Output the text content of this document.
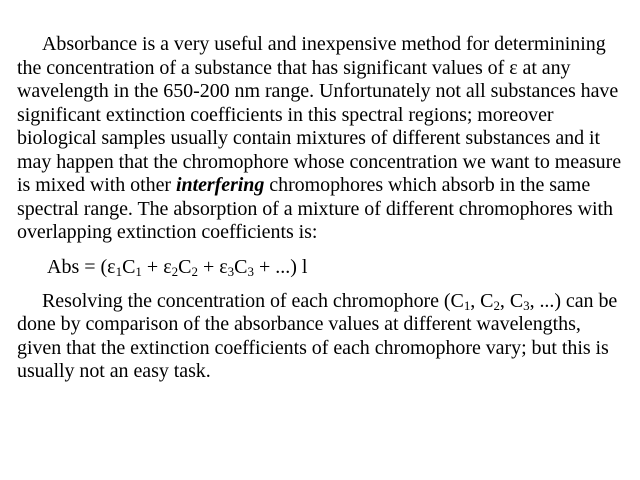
Absorbance is a very useful and inexpensive method for determinining the concentration of a substance that has significant values of ε at any wavelength in the 650-200 nm range. Unfortunately not all substances have significant extinction coefficients in this spectral regions; moreover biological samples usually contain mixtures of different substances and it may happen that the chromophore whose concentration we want to measure is mixed with other interfering chromophores which absorb in the same spectral range. The absorption of a mixture of different chromophores with overlapping extinction coefficients is:

Abs = ($\varepsilon_1C_1 + \varepsilon_2C_2 + \varepsilon_3C_3$ + ...) l

Resolving the concentration of each chromophore ($C_1$, $C_2$, $C_3$, ...) can be done by comparison of the absorbance values at different wavelengths, given that the extinction coefficients of each chromophore vary; but this is usually not an easy task.
